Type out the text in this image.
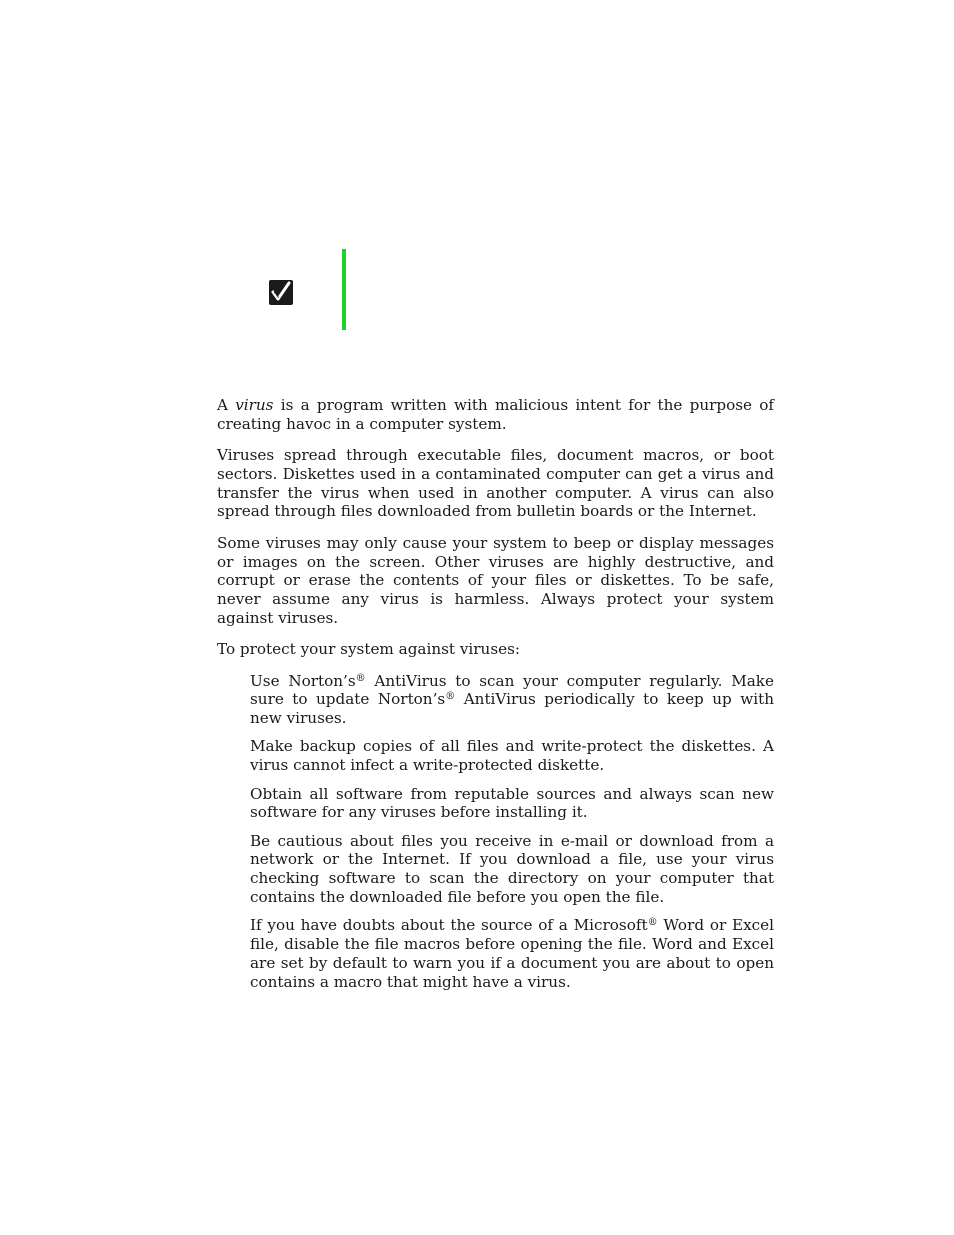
A virus is a program written with malicious intent for the purpose of creating havoc in a computer system.

Viruses spread through executable files, document macros, or boot sectors. Diskettes used in a contaminated computer can get a virus and transfer the virus when used in another computer. A virus can also spread through files downloaded from bulletin boards or the Internet.

Some viruses may only cause your system to beep or display messages or images on the screen. Other viruses are highly destructive, and corrupt or erase the contents of your files or diskettes. To be safe, never assume any virus is harmless. Always protect your system against viruses.

To protect your system against viruses:

Use Norton’s® AntiVirus to scan your computer regularly. Make sure to update Norton’s® AntiVirus periodically to keep up with new viruses.

Make backup copies of all files and write-protect the diskettes. A virus cannot infect a write-protected diskette.

Obtain all software from reputable sources and always scan new software for any viruses before installing it.

Be cautious about files you receive in e-mail or download from a network or the Internet. If you download a file, use your virus checking software to scan the directory on your computer that contains the downloaded file before you open the file.

If you have doubts about the source of a Microsoft® Word or Excel file, disable the file macros before opening the file. Word and Excel are set by default to warn you if a document you are about to open contains a macro that might have a virus.
